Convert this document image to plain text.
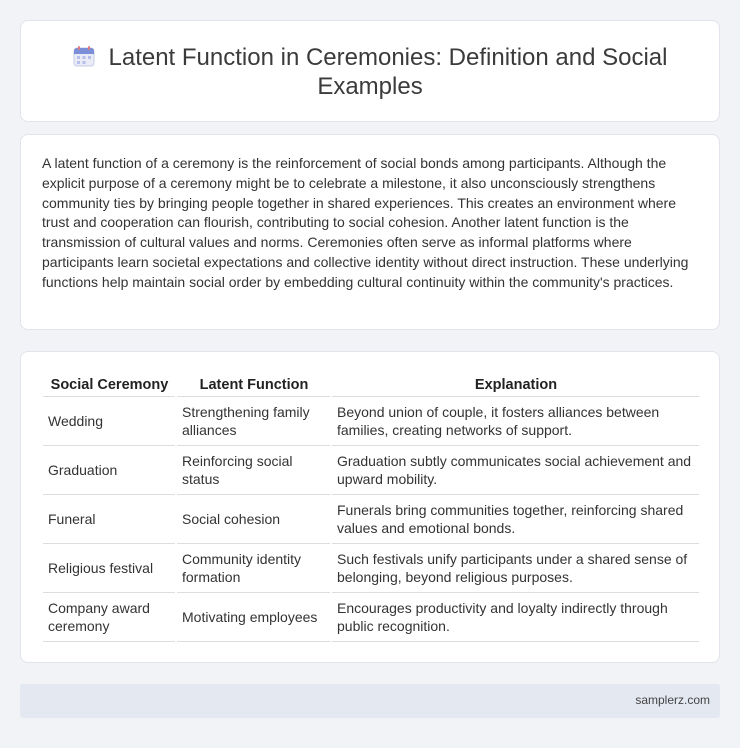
Latent Function in Ceremonies: Definition and Social Examples

A latent function of a ceremony is the reinforcement of social bonds among participants. Although the explicit purpose of a ceremony might be to celebrate a milestone, it also unconsciously strengthens community ties by bringing people together in shared experiences. This creates an environment where trust and cooperation can flourish, contributing to social cohesion. Another latent function is the transmission of cultural values and norms. Ceremonies often serve as informal platforms where participants learn societal expectations and collective identity without direct instruction. These underlying functions help maintain social order by embedding cultural continuity within the community's practices.

Social Ceremony	Latent Function	Explanation
Wedding	Strengthening family alliances	Beyond union of couple, it fosters alliances between families, creating networks of support.
Graduation	Reinforcing social status	Graduation subtly communicates social achievement and upward mobility.
Funeral	Social cohesion	Funerals bring communities together, reinforcing shared values and emotional bonds.
Religious festival	Community identity formation	Such festivals unify participants under a shared sense of belonging, beyond religious purposes.
Company award ceremony	Motivating employees	Encourages productivity and loyalty indirectly through public recognition.
samplerz.com
